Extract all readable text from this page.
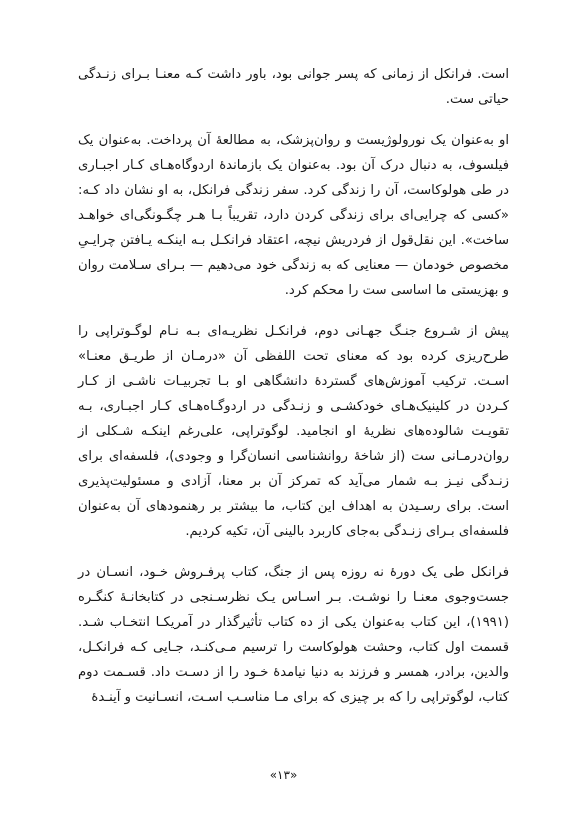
است. فرانکل از زمانی که پسر جوانی بود، باور داشت کـه معنـا بـرای زنـدگی حیاتی ست.

او به‌عنوان یک نورولوژیست و روان‌پزشک، به مطالعهٔ آن پرداخت. به‌عنوان یک فیلسوف، به دنبال درک آن بود. به‌عنوان یک بازماندهٔ اردوگاه‌هـای کـار اجبـاری در طی هولوکاست، آن را زندگی کرد. سفر زندگی فرانکل، به او نشان داد کـه: «کسی که چرایی‌ای برای زندگی کردن دارد، تقریباً بـا هـر چگـونگی‌ای خواهـد ساخت». این نقل‌قول از فردریش نیچه، اعتقاد فرانکـل بـه اینکـه یـافتن چرایـیِ مخصوص خودمان — معنایی که به زندگی خود می‌دهیم — بـرای سـلامت روان و بهزیستی ما اساسی ست را محکم کرد.

پیش از شـروع جنـگ جهـانی دوم، فرانکـل نظریـه‌ای بـه نـام لوگـوتراپی را طرح‌ریزی کرده بود که معنای تحت اللفظی آن «درمـان از طریـق معنـا» اسـت. ترکیب آموزش‌های گستردهٔ دانشگاهی او بـا تجربیـات ناشـی از کـار کـردن در کلینیک‌هـای خودکشـی و زنـدگی در اردوگـاه‌هـای کـار اجبـاری، بـه تقویـت شالوده‌های نظریهٔ او انجامید. لوگوتراپی، علی‌رغم اینکـه شـکلی از روان‌درمـانی ست (از شاخهٔ روانشناسی انسان‌گرا و وجودی)، فلسفه‌ای برای زنـدگی نیـز بـه شمار می‌آید که تمرکز آن بر معنا، آزادی و مسئولیت‌پذیری است. برای رسـیدن به اهداف این کتاب، ما بیشتر بر رهنمودهای آن به‌عنوان فلسفه‌ای بـرای زنـدگی به‌جای کاربرد بالینی آن، تکیه کردیم.

فرانکل طی یک دورهٔ نه روزه پس از جنگ، کتاب پرفـروش خـود، انسـان در جست‌وجوی معنـا را نوشـت. بـر اسـاس یـک نظرسـنجی در کتابخانـهٔ کنگـره (۱۹۹۱)، این کتاب به‌عنوان یکی از ده کتاب تأثیرگذار در آمریکـا انتخـاب شـد. قسمت اول کتاب، وحشت هولوکاست را ترسیم مـی‌کنـد، جـایی کـه فرانکـل، والدین، برادر، همسر و فرزند به دنیا نیامدهٔ خـود را از دسـت داد. قسـمت دوم کتاب، لوگوتراپی را که بر چیزی که برای مـا مناسـب اسـت، انسـانیت و آینـدهٔ

«۱۳»
